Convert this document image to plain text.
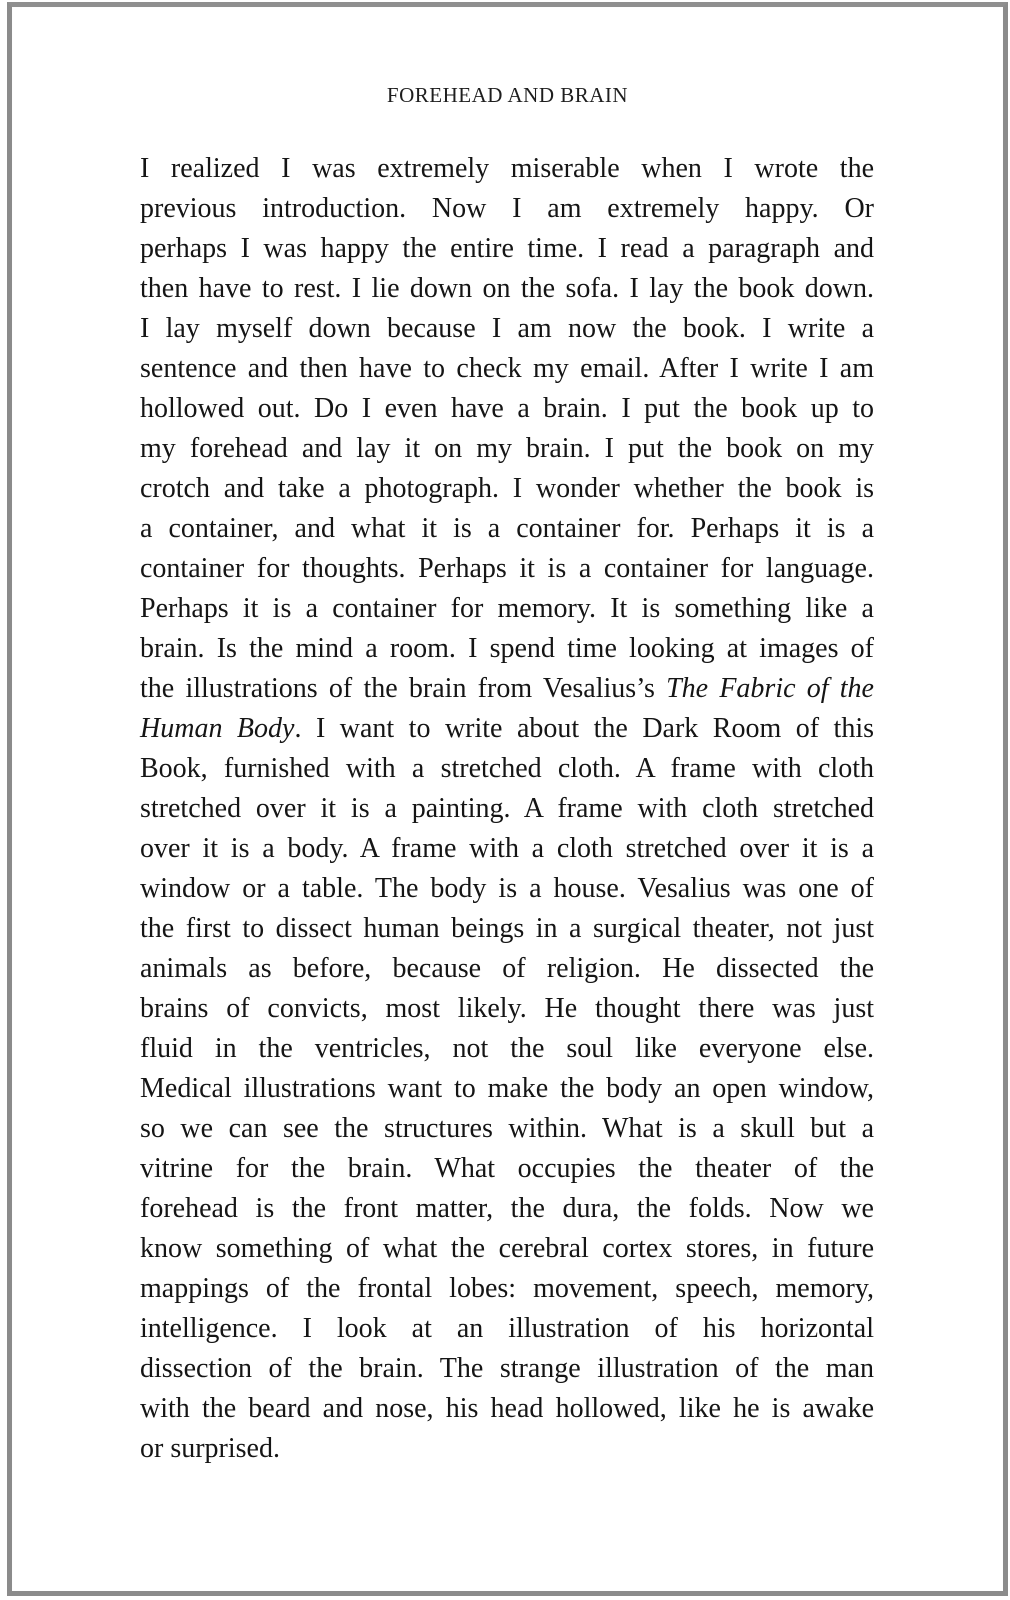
FOREHEAD AND BRAIN
I realized I was extremely miserable when I wrote the
previous introduction. Now I am extremely happy. Or
perhaps I was happy the entire time. I read a paragraph and
then have to rest. I lie down on the sofa. I lay the book down.
I lay myself down because I am now the book. I write a
sentence and then have to check my email. After I write I am
hollowed out. Do I even have a brain. I put the book up to
my forehead and lay it on my brain. I put the book on my
crotch and take a photograph. I wonder whether the book is
a container, and what it is a container for. Perhaps it is a
container for thoughts. Perhaps it is a container for language.
Perhaps it is a container for memory. It is something like a
brain. Is the mind a room. I spend time looking at images of
the illustrations of the brain from Vesalius’s The Fabric of the
Human Body. I want to write about the Dark Room of this
Book, furnished with a stretched cloth. A frame with cloth
stretched over it is a painting. A frame with cloth stretched
over it is a body. A frame with a cloth stretched over it is a
window or a table. The body is a house. Vesalius was one of
the first to dissect human beings in a surgical theater, not just
animals as before, because of religion. He dissected the
brains of convicts, most likely. He thought there was just
fluid in the ventricles, not the soul like everyone else.
Medical illustrations want to make the body an open window,
so we can see the structures within. What is a skull but a
vitrine for the brain. What occupies the theater of the
forehead is the front matter, the dura, the folds. Now we
know something of what the cerebral cortex stores, in future
mappings of the frontal lobes: movement, speech, memory,
intelligence. I look at an illustration of his horizontal
dissection of the brain. The strange illustration of the man
with the beard and nose, his head hollowed, like he is awake
or surprised.
